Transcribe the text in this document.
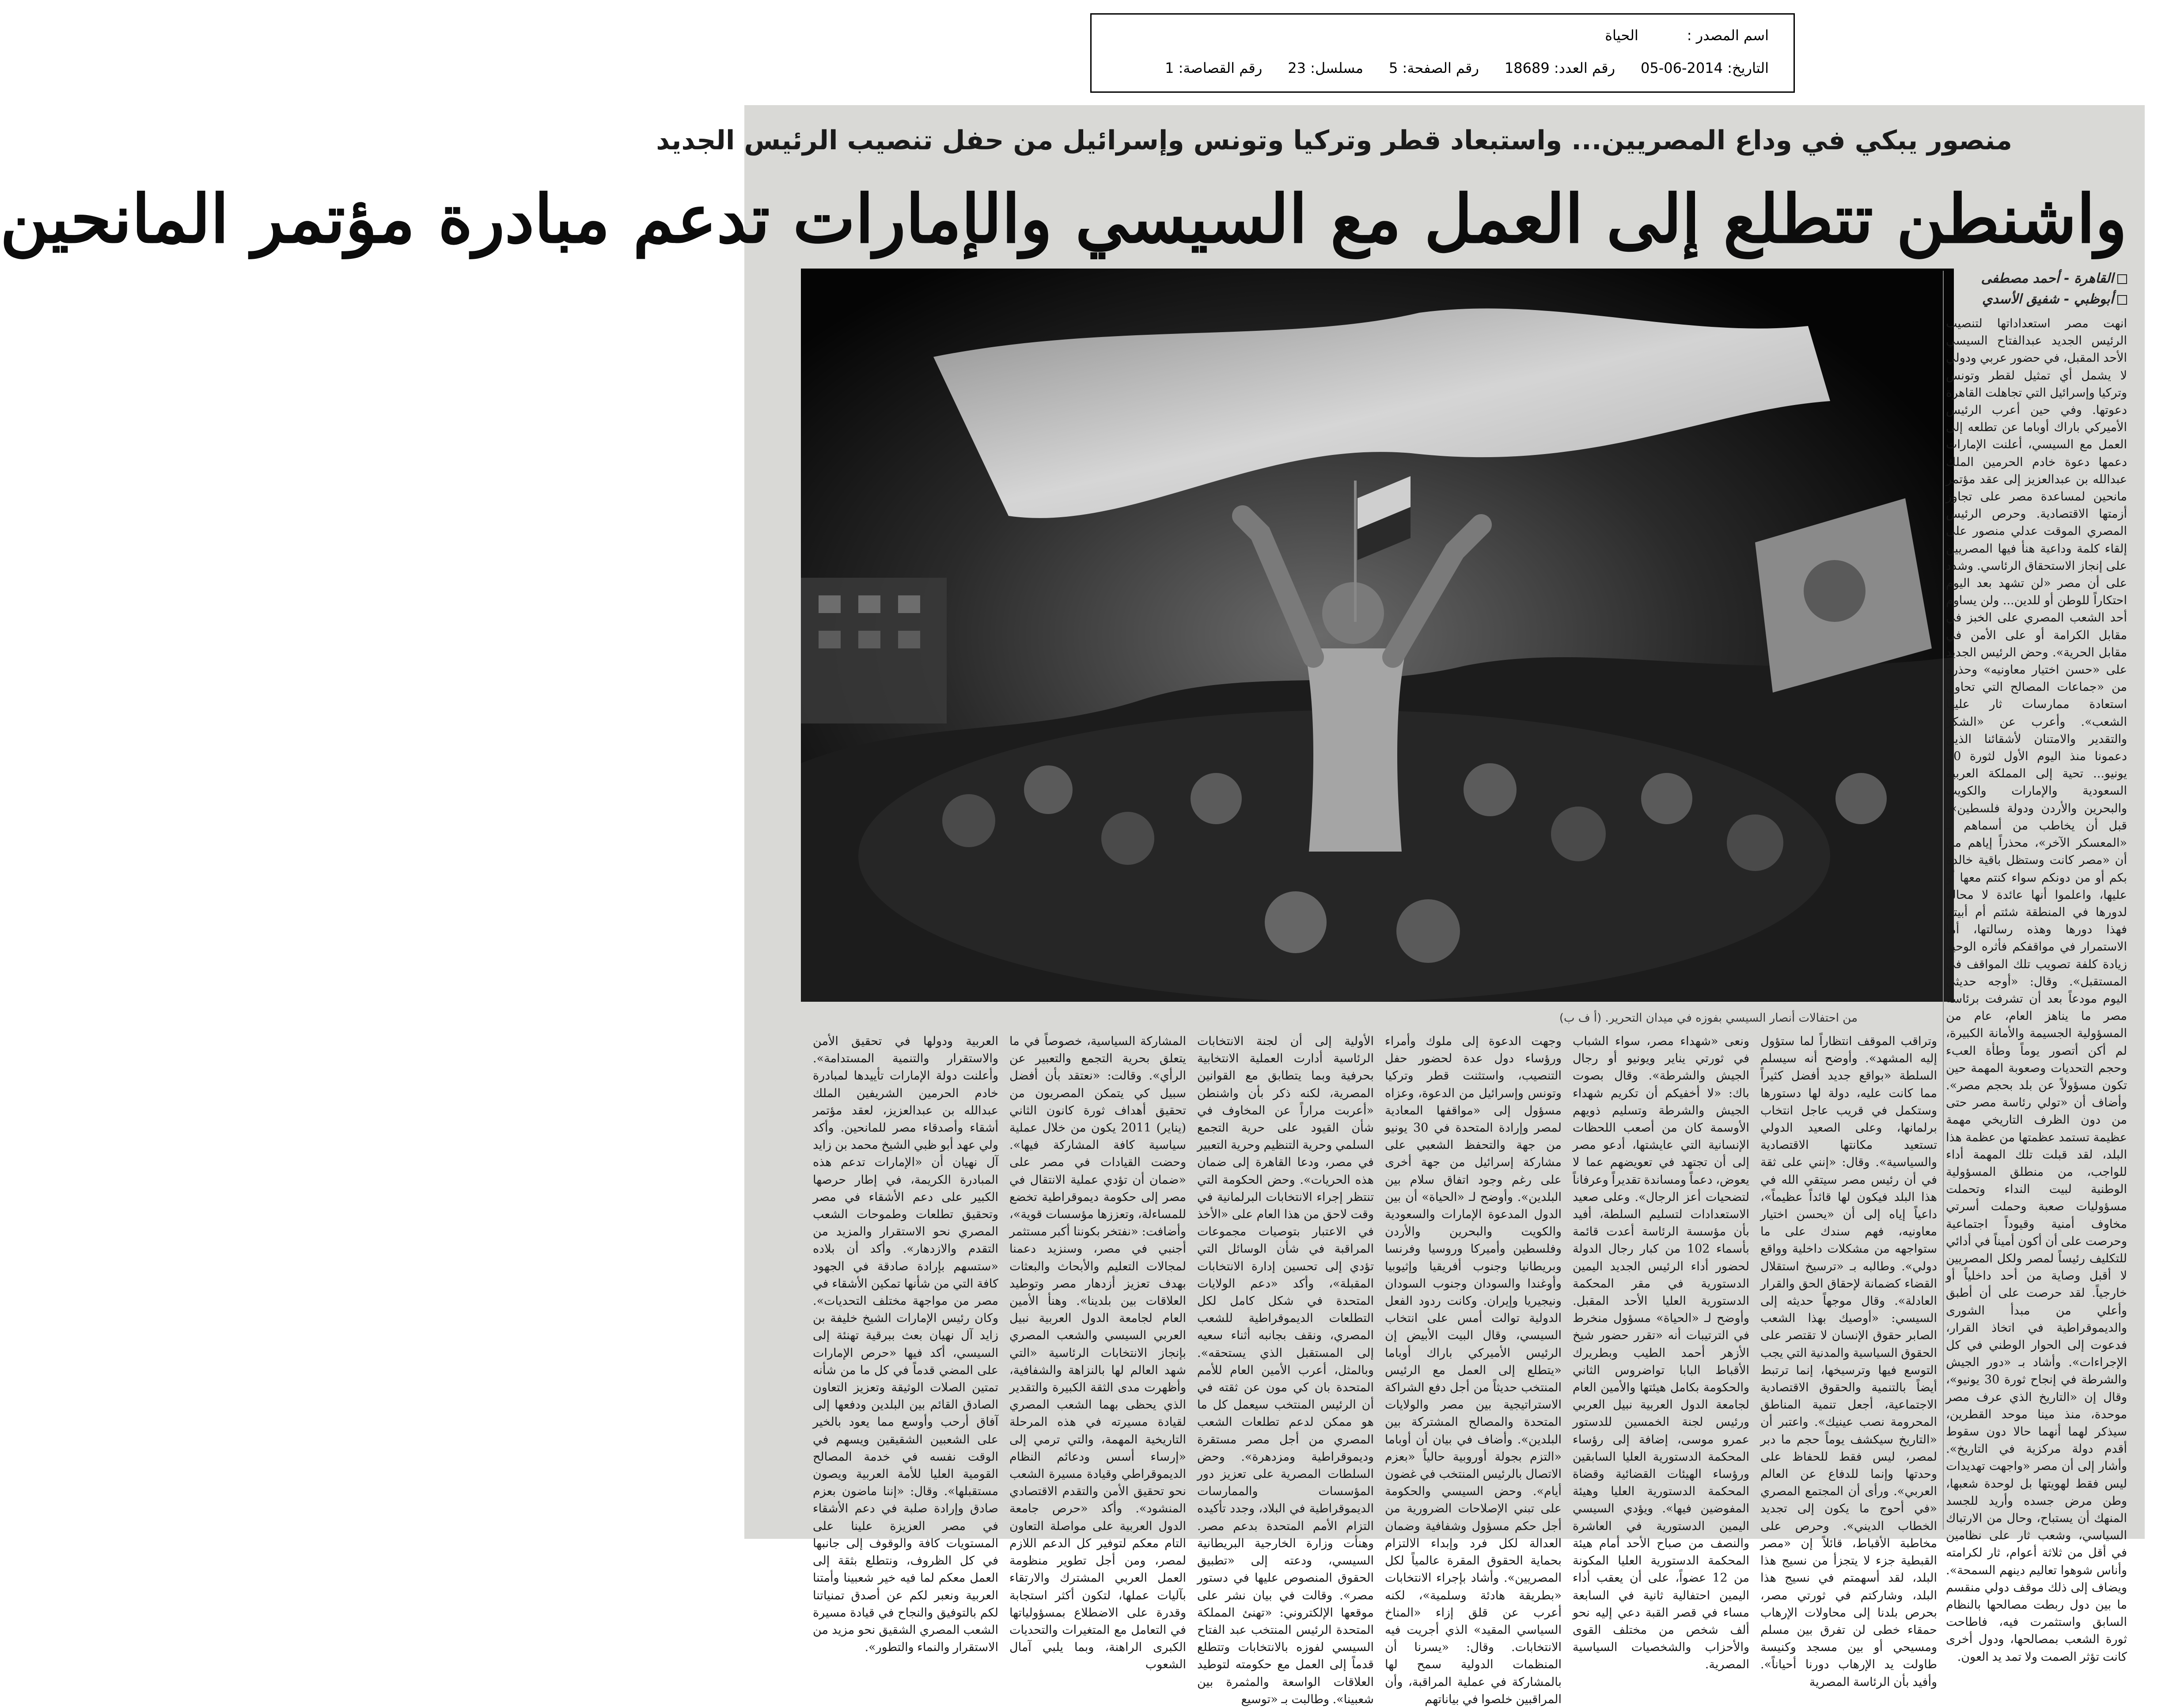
اسم المصدر :الحياة
التاريخ: 2014-06-05رقم العدد: 18689رقم الصفحة: 5مسلسل: 23رقم القصاصة: 1
منصور يبكي في وداع المصريين... واستبعاد قطر وتركيا وتونس وإسرائيل من حفل تنصيب الرئيس الجديد
واشنطن تتطلع إلى العمل مع السيسي والإمارات تدعم مبادرة مؤتمر المانحين
القاهرة - أحمد مصطفى
أبوظبي - شفيق الأسدي
من احتفالات أنصار السيسي بفوزه في ميدان التحرير. (أ ف ب)

انهت مصر استعداداتها لتنصيب الرئيس الجديد عبدالفتاح السيسي الأحد المقبل، في حضور عربي ودولي لا يشمل أي تمثيل لقطر وتونس وتركيا وإسرائيل التي تجاهلت القاهرة دعوتها. وفي حين أعرب الرئيس الأميركي باراك أوباما عن تطلعه إلى العمل مع السيسي، أعلنت الإمارات دعمها دعوة خادم الحرمين الملك عبدالله بن عبدالعزيز إلى عقد مؤتمر مانحين لمساعدة مصر على تجاوز أزمتها الاقتصادية. وحرص الرئيس المصري الموقت عدلي منصور على إلقاء كلمة وداعية هنأ فيها المصريين على إنجاز الاستحقاق الرئاسي. وشدد على أن مصر «لن تشهد بعد اليوم احتكاراً للوطن أو للدين... ولن يساوم أحد الشعب المصري على الخبز في مقابل الكرامة أو على الأمن في مقابل الحرية». وحض الرئيس الجديد على «حسن اختيار معاونيه» وحذره من «جماعات المصالح التي تحاول استعادة ممارسات ثار عليها الشعب». وأعرب عن «الشكر والتقدير والامتنان لأشقائنا الذين دعمونا منذ اليوم الأول لثورة 30 يونيو... تحية إلى المملكة العربية السعودية والإمارات والكويت والبحرين والأردن ودولة فلسطين»، قبل أن يخاطب من أسماهم بـ «المعسكر الآخر»، محذراً إياهم من أن «مصر كانت وستظل باقية خالدة بكم أو من دونكم سواء كنتم معها أو عليها، واعلموا أنها عائدة لا محالة لدورها في المنطقة شئتم أم أبيتم فهذا دورها وهذه رسالتها، أما الاستمرار في مواقفكم فأثره الوحيد زيادة كلفة تصويب تلك المواقف في المستقبل». وقال: «أوجه حديثي اليوم مودعاً بعد أن تشرفت برئاسة مصر ما يناهز العام، عام من المسؤولية الجسيمة والأمانة الكبيرة، لم أكن أتصور يوماً وطأة العبء وحجم التحديات وصعوبة المهمة حين تكون مسؤولاً عن بلد بحجم مصر». وأضاف أن «تولي رئاسة مصر حتى من دون الظرف التاريخي مهمة عظيمة تستمد عظمتها من عظمة هذا البلد، لقد قبلت تلك المهمة أداء للواجب، من منطلق المسؤولية الوطنية لبيت النداء وتحملت مسؤوليات صعبة وحملت أسرتي مخاوف أمنية وقيوداً اجتماعية وحرصت على أن أكون أميناً في أدائي للتكليف رئيساً لمصر ولكل المصريين لا أقبل وصاية من أحد داخلياً أو خارجياً. لقد حرصت على أن أطبق وأعلي من مبدأ الشورى والديموقراطية في اتخاذ القرار، فدعوت إلى الحوار الوطني في كل الإجراءات». وأشاد بـ «دور الجيش والشرطة في إنجاح ثورة 30 يونيو»، وقال إن «التاريخ الذي عرف مصر موحدة، منذ مينا موحد القطرين، سيذكر لهما أنهما حالا دون سقوط أقدم دولة مركزية في التاريخ». وأشار إلى أن مصر «واجهت تهديدات ليس فقط لهويتها بل لوحدة شعبها، وطن مرض جسده وأريد للجسد المنهك أن يستباح، وحال من الارتباك السياسي، وشعب ثار على نظامين في أقل من ثلاثة أعوام، ثار لكرامته وأناس شوهوا تعاليم دينهم السمحة». ويضاف إلى ذلك موقف دولي منقسم ما بين دول ربطت مصالحها بالنظام السابق واستثمرت فيه، فاطاحت ثورة الشعب بمصالحها، ودول أخرى كانت تؤثر الصمت ولا تمد يد العون.

وتراقب الموقف انتظاراً لما ستؤول إليه المشهد». وأوضح أنه سيسلم السلطة «بواقع جديد أفضل كثيراً مما كانت عليه، دولة لها دستورها وستكمل في قريب عاجل انتخاب برلمانها، وعلى الصعيد الدولي تستعيد مكانتها الاقتصادية والسياسية». وقال: «إنني على ثقة في أن رئيس مصر سيتقي الله في هذا البلد فيكون لها قائداً عظيماً»، داعياً إياه إلى أن «يحسن اختيار معاونيه، فهم سندك على ما ستواجهه من مشكلات داخلية وواقع دولي». وطالبه بـ «ترسيخ استقلال القضاء كضمانة لإحقاق الحق والقرار العادلة». وقال موجهاً حديثه إلى السيسي: «أوصيك بهذا الشعب الصابر حقوق الإنسان لا تقتصر على الحقوق السياسية والمدنية التي يجب التوسع فيها وترسيخها، إنما ترتبط أيضاً بالتنمية والحقوق الاقتصادية الاجتماعية، أجعل تنمية المناطق المحرومة نصب عينيك». واعتبر أن «التاريخ سيكشف يوماً حجم ما دبر لمصر، ليس فقط للحفاظ على وحدتها وإنما للدفاع عن العالم العربي». ورأى أن المجتمع المصري «في أحوج ما يكون إلى تجديد الخطاب الديني». وحرص على مخاطبة الأقباط، قائلاً إن «مصر القبطية جزء لا يتجزأ من نسيج هذا البلد، لقد أسهمتم في نسيج هذا البلد، وشاركتم في ثورتي مصر، بحرص بلدنا إلى محاولات الإرهاب حمقاء خطى لن تفرق بين مسلم ومسيحي أو بين مسجد وكنيسة طاولت يد الإرهاب دورنا أحياناً». وأفيد بأن الرئاسة المصرية

ونعى «شهداء مصر، سواء الشباب في ثورتي يناير ويونيو أو رجال الجيش والشرطة». وقال بصوت باك: «لا أخفيكم أن تكريم شهداء الجيش والشرطة وتسليم ذويهم الأوسمة كان من أصعب اللحظات الإنسانية التي عايشتها، أدعو مصر إلى أن تجتهد في تعويضهم عما لا يعوض، دعماً ومساندة تقديراً وعرفاناً لتضحيات أعز الرجال». وعلى صعيد الاستعدادات لتسليم السلطة، أفيد بأن مؤسسة الرئاسة أعدت قائمة بأسماء 102 من كبار رجال الدولة لحضور أداء الرئيس الجديد اليمين الدستورية في مقر المحكمة الدستورية العليا الأحد المقبل. وأوضح لـ «الحياة» مسؤول منخرط في الترتيبات أنه «تقرر حضور شيخ الأزهر أحمد الطيب وبطريرك الأقباط البابا تواضروس الثاني والحكومة بكامل هيئتها والأمين العام لجامعة الدول العربية نبيل العربي ورئيس لجنة الخمسين للدستور عمرو موسى، إضافة إلى رؤساء المحكمة الدستورية العليا السابقين ورؤساء الهيئات القضائية وقضاة المحكمة الدستورية العليا وهيئة المفوضين فيها». ويؤدي السيسي اليمين الدستورية في العاشرة والنصف من صباح الأحد أمام هيئة المحكمة الدستورية العليا المكونة من 12 عضواً، على أن يعقب أداء اليمين احتفالية ثانية في السابعة مساء في قصر القبة دعي إليه نحو ألف شخص من مختلف القوى والأحزاب والشخصيات السياسية المصرية.

وجهت الدعوة إلى ملوك وأمراء ورؤساء دول عدة لحضور حفل التنصيب، واستثنت قطر وتركيا وتونس وإسرائيل من الدعوة، وعزاه مسؤول إلى «مواقفها المعادية لمصر وإرادة المتحدة في 30 يونيو من جهة والتحفظ الشعبي على مشاركة إسرائيل من جهة أخرى على رغم وجود اتفاق سلام بين البلدين». وأوضح لـ «الحياة» أن بين الدول المدعوة الإمارات والسعودية والكويت والبحرين والأردن وفلسطين وأميركا وروسيا وفرنسا وبريطانيا وجنوب أفريقيا وإثيوبيا وأوغندا والسودان وجنوب السودان ونيجيريا وإيران. وكانت ردود الفعل الدولية توالت أمس على انتخاب السيسي، وقال البيت الأبيض إن الرئيس الأميركي باراك أوباما «يتطلع إلى العمل مع الرئيس المنتخب حديثاً من أجل دفع الشراكة الاستراتيجية بين مصر والولايات المتحدة والمصالح المشتركة بين البلدين». وأضاف في بيان أن أوباما «التزم بجولة أوروبية حالياً «بعزم الاتصال بالرئيس المنتخب في غضون أيام». وحض السيسي والحكومة على تبني الإصلاحات الضرورية من أجل حكم مسؤول وشفافية وضمان العدالة لكل فرد وإبداء الالتزام بحماية الحقوق المقرة عالمياً لكل المصريين». وأشاد بإجراء الانتخابات «بطريقة هادئة وسلمية»، لكنه أعرب عن قلق إزاء «المناخ السياسي المقيد» الذي أجريت فيه الانتخابات. وقال: «يسرنا أن المنظمات الدولية سمح لها بالمشاركة في عملية المراقبة، وأن المراقبين خلصوا في بياناتهم

الأولية إلى أن لجنة الانتخابات الرئاسية أدارت العملية الانتخابية بحرفية وبما يتطابق مع القوانين المصرية، لكنه ذكر بأن واشنطن «أعربت مراراً عن المخاوف في شأن القيود على حرية التجمع السلمي وحرية التنظيم وحرية التعبير في مصر، ودعا القاهرة إلى ضمان هذه الحريات». وحض الحكومة التي تنتظر إجراء الانتخابات البرلمانية في وقت لاحق من هذا العام على «الأخذ في الاعتبار بتوصيات مجموعات المراقبة في شأن الوسائل التي تؤدي إلى تحسين إدارة الانتخابات المقبلة»، وأكد «دعم الولايات المتحدة في شكل كامل لكل التطلعات الديموقراطية للشعب المصري، ونقف بجانبه أثناء سعيه إلى المستقبل الذي يستحقه». وبالمثل، أعرب الأمين العام للأمم المتحدة بان كي مون عن ثقته في أن الرئيس المنتخب سيعمل كل ما هو ممكن لدعم تطلعات الشعب المصري من أجل مصر مستقرة وديموقراطية ومزدهرة». وحض السلطات المصرية على تعزيز دور المؤسسات والممارسات الديموقراطية في البلاد، وجدد تأكيده التزام الأمم المتحدة بدعم مصر. وهنأت وزارة الخارجية البريطانية السيسي، ودعته إلى «تطبيق الحقوق المنصوص عليها في دستور مصر». وقالت في بيان نشر على موقعها الإلكتروني: «تهنئ المملكة المتحدة الرئيس المنتخب عبد الفتاح السيسي لفوزه بالانتخابات وتتطلع قدماً إلى العمل مع حكومته لتوطيد العلاقات الواسعة والمثمرة بين شعبينا». وطالبت بـ «توسيع

المشاركة السياسية، خصوصاً في ما يتعلق بحرية التجمع والتعبير عن الرأي». وقالت: «نعتقد بأن أفضل سبيل كي يتمكن المصريون من تحقيق أهداف ثورة كانون الثاني (يناير) 2011 يكون من خلال عملية سياسية كافة المشاركة فيها». وحضت القيادات في مصر على «ضمان أن تؤدي عملية الانتقال في مصر إلى حكومة ديموقراطية تخضع للمساءلة، وتعززها مؤسسات قوية»، وأضافت: «نفتخر بكوننا أكبر مستثمر أجنبي في مصر، وسنزيد دعمنا لمجالات التعليم والأبحاث والبعثات بهدف تعزيز أزدهار مصر وتوطيد العلاقات بين بلدينا». وهنأ الأمين العام لجامعة الدول العربية نبيل العربي السيسي والشعب المصري بإنجاز الانتخابات الرئاسية «التي شهد العالم لها بالنزاهة والشفافية، وأظهرت مدى الثقة الكبيرة والتقدير الذي يحظى بهما الشعب المصري لقيادة مسيرته في هذه المرحلة التاريخية المهمة، والتي ترمي إلى «إرساء أسس ودعائم النظام الديموقراطي وقيادة مسيرة الشعب نحو تحقيق الأمن والتقدم الاقتصادي المنشود». وأكد «حرص جامعة الدول العربية على مواصلة التعاون التام معكم لتوفير كل الدعم اللازم لمصر، ومن أجل تطوير منظومة العمل العربي المشترك والارتقاء بآليات عملها، لتكون أكثر استجابة وقدرة على الاضطلاع بمسؤولياتها في التعامل مع المتغيرات والتحديات الكبرى الراهنة، وبما يلبي آمال الشعوب

العربية ودولها في تحقيق الأمن والاستقرار والتنمية المستدامة». وأعلنت دولة الإمارات تأييدها لمبادرة خادم الحرمين الشريفين الملك عبدالله بن عبدالعزيز، لعقد مؤتمر أشقاء وأصدقاء مصر للمانحين. وأكد ولي عهد أبو ظبي الشيخ محمد بن زايد آل نهيان أن «الإمارات تدعم هذه المبادرة الكريمة، في إطار حرصها الكبير على دعم الأشقاء في مصر وتحقيق تطلعات وطموحات الشعب المصري نحو الاستقرار والمزيد من التقدم والازدهار». وأكد أن بلاده «ستسهم بإرادة صادقة في الجهود كافة التي من شأنها تمكين الأشقاء في مصر من مواجهة مختلف التحديات». وكان رئيس الإمارات الشيخ خليفة بن زايد آل نهيان بعث ببرقية تهنئة إلى السيسي، أكد فيها «حرص الإمارات على المضي قدماً في كل ما من شأنه تمتين الصلات الوثيقة وتعزيز التعاون الصادق القائم بين البلدين ودفعها إلى آفاق أرحب وأوسع مما يعود بالخير على الشعبين الشقيقين ويسهم في الوقت نفسه في خدمة المصالح القومية العليا للأمة العربية ويصون مستقبلها». وقال: «إننا ماضون بعزم صادق وإرادة صلبة في دعم الأشقاء في مصر العزيزة علينا على المستويات كافة والوقوف إلى جانبها في كل الظروف، ونتطلع بثقة إلى العمل معكم لما فيه خير شعبينا وأمتنا العربية ونعبر لكم عن أصدق تمنياتنا لكم بالتوفيق والنجاح في قيادة مسيرة الشعب المصري الشقيق نحو مزيد من الاستقرار والنماء والتطور».
